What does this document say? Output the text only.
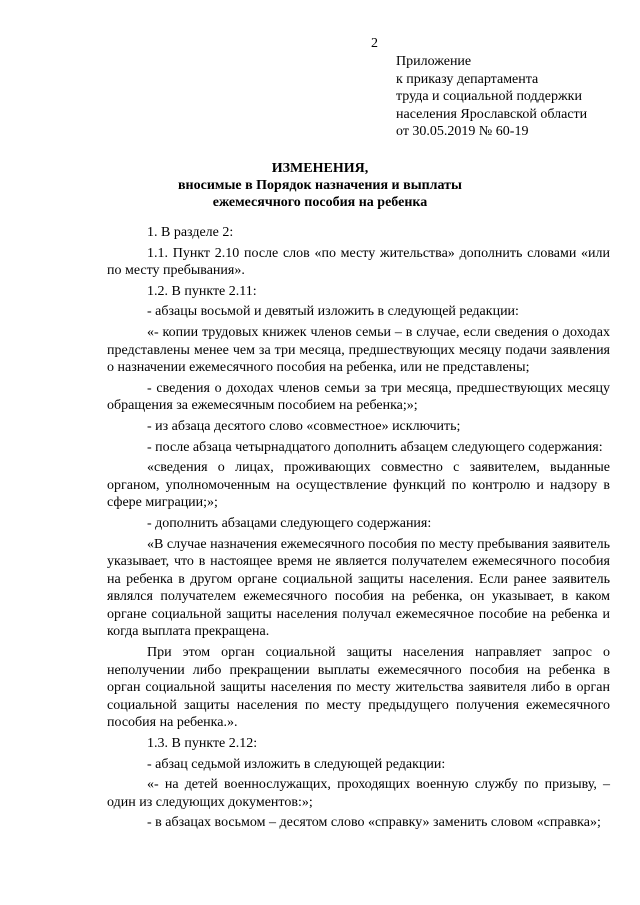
2
Приложение
к приказу департамента
труда и социальной поддержки
населения Ярославской области
от 30.05.2019 № 60-19
ИЗМЕНЕНИЯ,
вносимые в Порядок назначения и выплаты
ежемесячного пособия на ребенка

1. В разделе 2:

1.1. Пункт 2.10 после слов «по месту жительства» дополнить словами «или по месту пребывания».

1.2. В пункте 2.11:

- абзацы восьмой и девятый изложить в следующей редакции:

«- копии трудовых книжек членов семьи – в случае, если сведения о доходах представлены менее чем за три месяца, предшествующих месяцу подачи заявления о назначении ежемесячного пособия на ребенка, или не представлены;

- сведения о доходах членов семьи за три месяца, предшествующих месяцу обращения за ежемесячным пособием на ребенка;»;

- из абзаца десятого слово «совместное» исключить;

- после абзаца четырнадцатого дополнить абзацем следующего содержания:

«сведения о лицах, проживающих совместно с заявителем, выданные органом, уполномоченным на осуществление функций по контролю и надзору в сфере миграции;»;

- дополнить абзацами следующего содержания:

«В случае назначения ежемесячного пособия по месту пребывания заявитель указывает, что в настоящее время не является получателем ежемесячного пособия на ребенка в другом органе социальной защиты населения. Если ранее заявитель являлся получателем ежемесячного пособия на ребенка, он указывает, в каком органе социальной защиты населения получал ежемесячное пособие на ребенка и когда выплата прекращена.

При этом орган социальной защиты населения направляет запрос о неполучении либо прекращении выплаты ежемесячного пособия на ребенка в орган социальной защиты населения по месту жительства заявителя либо в орган социальной защиты населения по месту предыдущего получения ежемесячного пособия на ребенка.».

1.3. В пункте 2.12:

- абзац седьмой изложить в следующей редакции:

«- на детей военнослужащих, проходящих военную службу по призыву, – один из следующих документов:»;

- в абзацах восьмом – десятом слово «справку» заменить словом «справка»;
